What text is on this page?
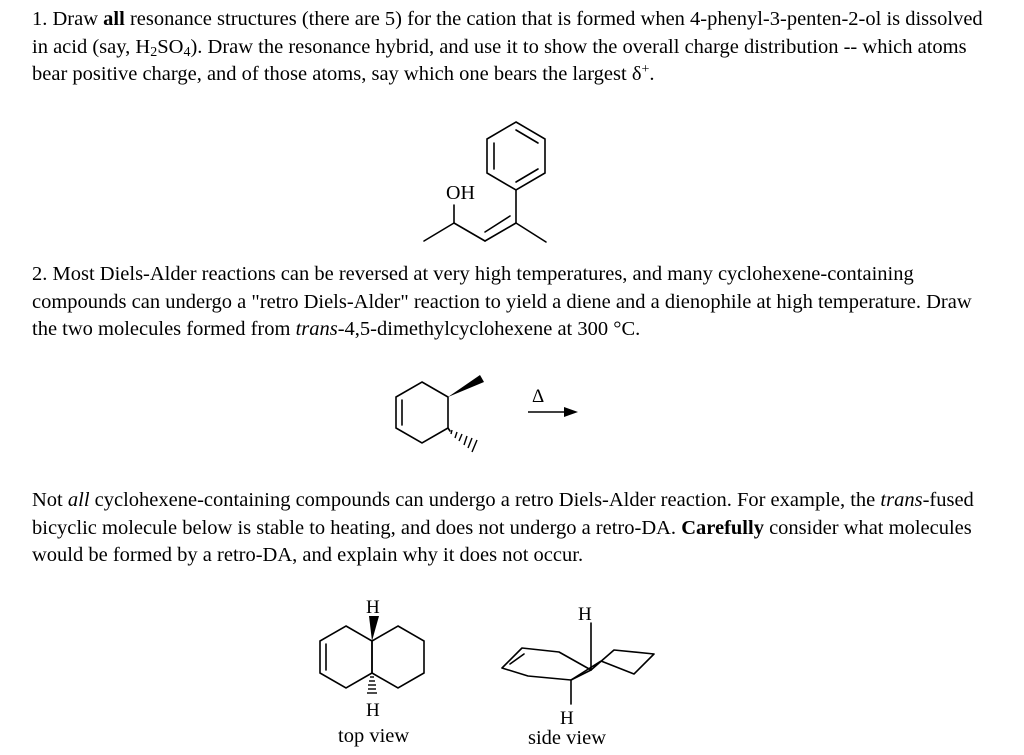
1. Draw all resonance structures (there are 5) for the cation that is formed when 4-phenyl-3-penten-2-ol is dissolved in acid (say, $H_2SO_4$). Draw the resonance hybrid, and use it to show the overall charge distribution -- which atoms bear positive charge, and of those atoms, say which one bears the largest δ+.

OH

2. Most Diels-Alder reactions can be reversed at very high temperatures, and many cyclohexene-containing compounds can undergo a "retro Diels-Alder" reaction to yield a diene and a dienophile at high temperature. Draw the two molecules formed from trans-4,5-dimethylcyclohexene at 300 °C.

Δ

Not all cyclohexene-containing compounds can undergo a retro Diels-Alder reaction. For example, the trans-fused bicyclic molecule below is stable to heating, and does not undergo a retro-DA. Carefully consider what molecules would be formed by a retro-DA, and explain why it does not occur.

H
H
top view
H
H
side view
